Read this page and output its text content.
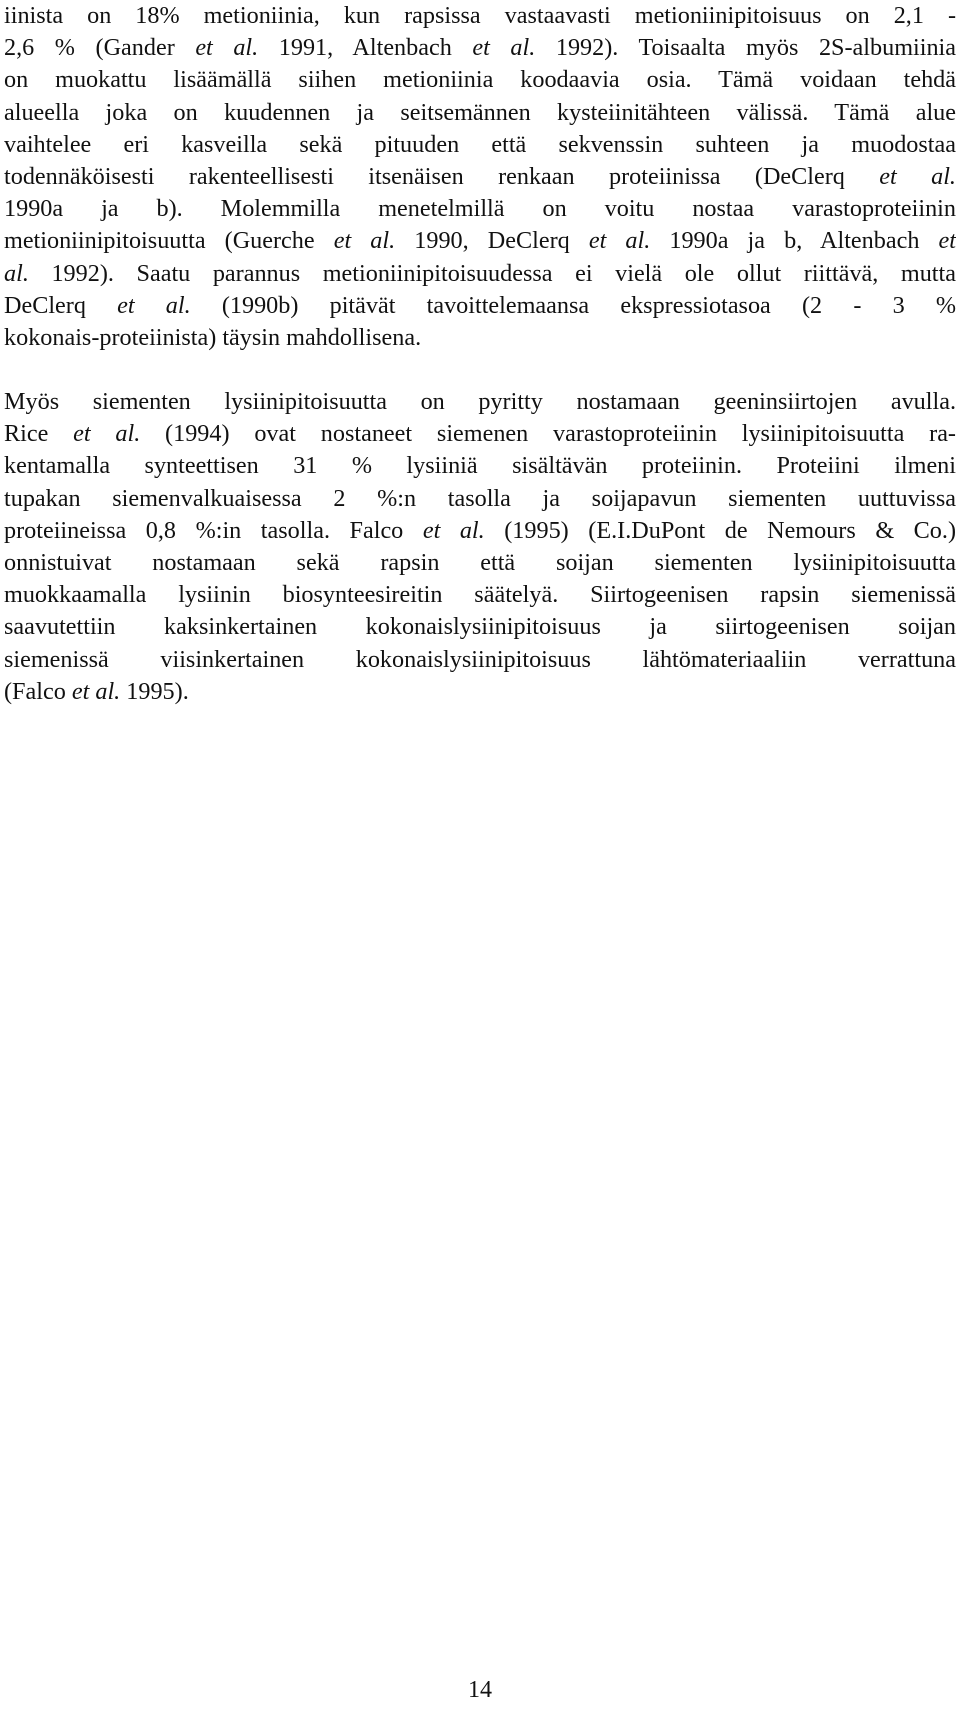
iinista on 18% metioniinia, kun rapsissa vastaavasti metioniinipitoisuus on 2,1 -
2,6 % (Gander et al. 1991, Altenbach et al. 1992). Toisaalta myös 2S-albumiinia
on muokattu lisäämällä siihen metioniinia koodaavia osia. Tämä voidaan tehdä
alueella joka on kuudennen ja seitsemännen kysteiinitähteen välissä. Tämä alue
vaihtelee eri kasveilla sekä pituuden että sekvenssin suhteen ja muodostaa
todennäköisesti rakenteellisesti itsenäisen renkaan proteiinissa (DeClerq et al.
1990a ja b). Molemmilla menetelmillä on voitu nostaa varastoproteiinin
metioniinipitoisuutta (Guerche et al. 1990, DeClerq et al. 1990a ja b, Altenbach et
al. 1992). Saatu parannus metioniinipitoisuudessa ei vielä ole ollut riittävä, mutta
DeClerq et al. (1990b) pitävät tavoittelemaansa ekspressiotasoa (2 - 3 %
kokonais-proteiinista) täysin mahdollisena.

Myös siementen lysiinipitoisuutta on pyritty nostamaan geeninsiirtojen avulla.
Rice et al. (1994) ovat nostaneet siemenen varastoproteiinin lysiinipitoisuutta ra-
kentamalla synteettisen 31 % lysiiniä sisältävän proteiinin. Proteiini ilmeni
tupakan siemenvalkuaisessa 2 %:n tasolla ja soijapavun siementen uuttuvissa
proteiineissa 0,8 %:in tasolla. Falco et al. (1995) (E.I.DuPont de Nemours & Co.)
onnistuivat nostamaan sekä rapsin että soijan siementen lysiinipitoisuutta
muokkaamalla lysiinin biosynteesireitin säätelyä. Siirtogeenisen rapsin siemenissä
saavutettiin kaksinkertainen kokonaislysiinipitoisuus ja siirtogeenisen soijan
siemenissä viisinkertainen kokonaislysiinipitoisuus lähtömateriaaliin verrattuna
(Falco et al. 1995).

14
